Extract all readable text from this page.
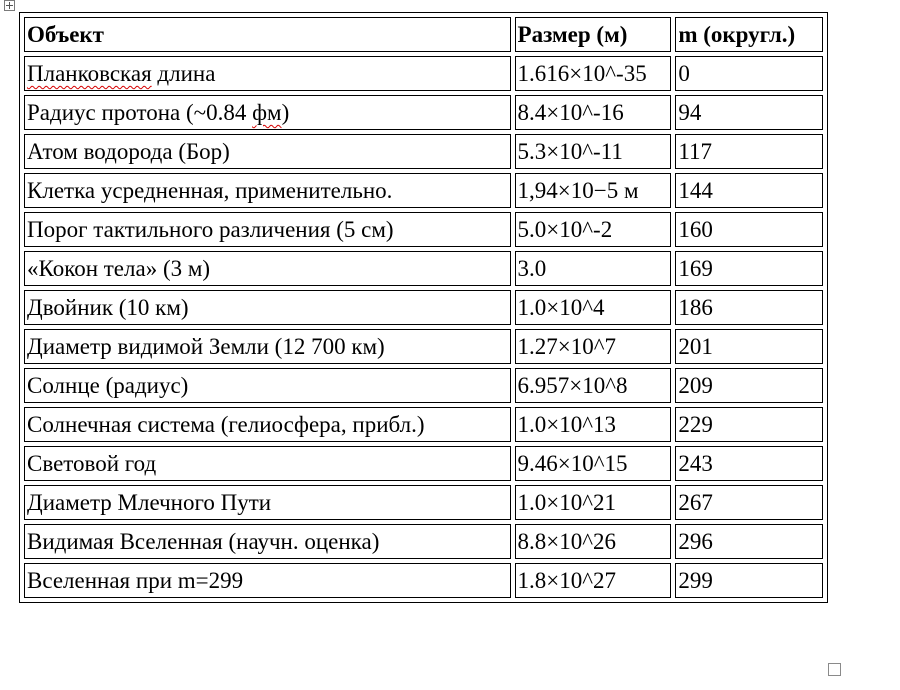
Объект	Размер (м)	m (округл.)
Планковская длина	1.616×10^-35	0
Радиус протона (~0.84 фм)	8.4×10^-16	94
Атом водорода (Бор)	5.3×10^-11	117
Клетка усредненная, применительно.	1,94×10−5 м	144
Порог тактильного различения (5 см)	5.0×10^-2	160
«Кокон тела» (3 м)	3.0	169
Двойник (10 км)	1.0×10^4	186
Диаметр видимой Земли (12 700 км)	1.27×10^7	201
Солнце (радиус)	6.957×10^8	209
Солнечная система (гелиосфера, прибл.)	1.0×10^13	229
Световой год	9.46×10^15	243
Диаметр Млечного Пути	1.0×10^21	267
Видимая Вселенная (научн. оценка)	8.8×10^26	296
Вселенная при m=299	1.8×10^27	299
